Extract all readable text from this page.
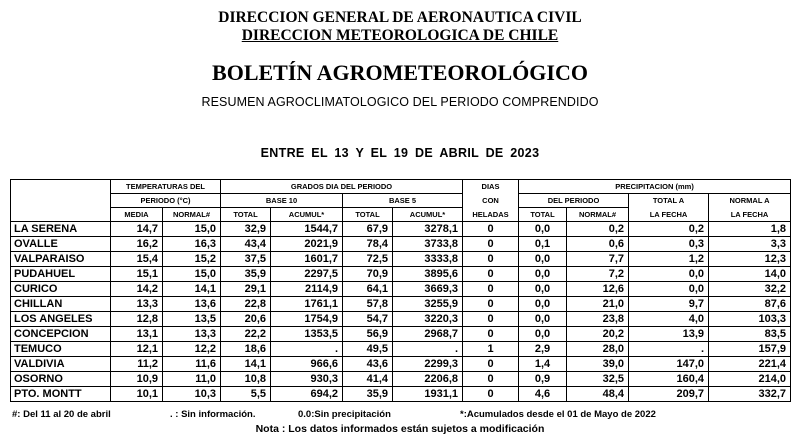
DIRECCION GENERAL DE AERONAUTICA CIVIL
DIRECCION METEOROLOGICA DE CHILE
BOLETÍN AGROMETEOROLÓGICO
RESUMEN AGROCLIMATOLOGICO DEL PERIODO COMPRENDIDO
ENTRE EL 13 Y EL 19 DE ABRIL DE 2023
	TEMPERATURAS DEL		GRADOS DIA DEL PERIODO				DIAS	PRECIPITACION (mm)			
	PERIODO (°C)		BASE 10		BASE 5		CON	DEL PERIODO		TOTAL A	NORMAL A
	MEDIA	NORMAL#	TOTAL	ACUMUL*	TOTAL	ACUMUL*	HELADAS	TOTAL	NORMAL#	LA FECHA	LA FECHA
LA SERENA	14,7	15,0	32,9	1544,7	67,9	3278,1	0	0,0	0,2	0,2	1,8
OVALLE	16,2	16,3	43,4	2021,9	78,4	3733,8	0	0,1	0,6	0,3	3,3
VALPARAISO	15,4	15,2	37,5	1601,7	72,5	3333,8	0	0,0	7,7	1,2	12,3
PUDAHUEL	15,1	15,0	35,9	2297,5	70,9	3895,6	0	0,0	7,2	0,0	14,0
CURICO	14,2	14,1	29,1	2114,9	64,1	3669,3	0	0,0	12,6	0,0	32,2
CHILLAN	13,3	13,6	22,8	1761,1	57,8	3255,9	0	0,0	21,0	9,7	87,6
LOS ANGELES	12,8	13,5	20,6	1754,9	54,7	3220,3	0	0,0	23,8	4,0	103,3
CONCEPCION	13,1	13,3	22,2	1353,5	56,9	2968,7	0	0,0	20,2	13,9	83,5
TEMUCO	12,1	12,2	18,6	.	49,5	.	1	2,9	28,0	.	157,9
VALDIVIA	11,2	11,6	14,1	966,6	43,6	2299,3	0	1,4	39,0	147,0	221,4
OSORNO	10,9	11,0	10,8	930,3	41,4	2206,8	0	0,9	32,5	160,4	214,0
PTO. MONTT	10,1	10,3	5,5	694,2	35,9	1931,1	0	4,6	48,4	209,7	332,7
#: Del 11 al 20 de abril	. : Sin información.	0.0:Sin precipitación	*:Acumulados desde el 01 de Mayo de 2022
Nota : Los datos informados están sujetos a modificación
